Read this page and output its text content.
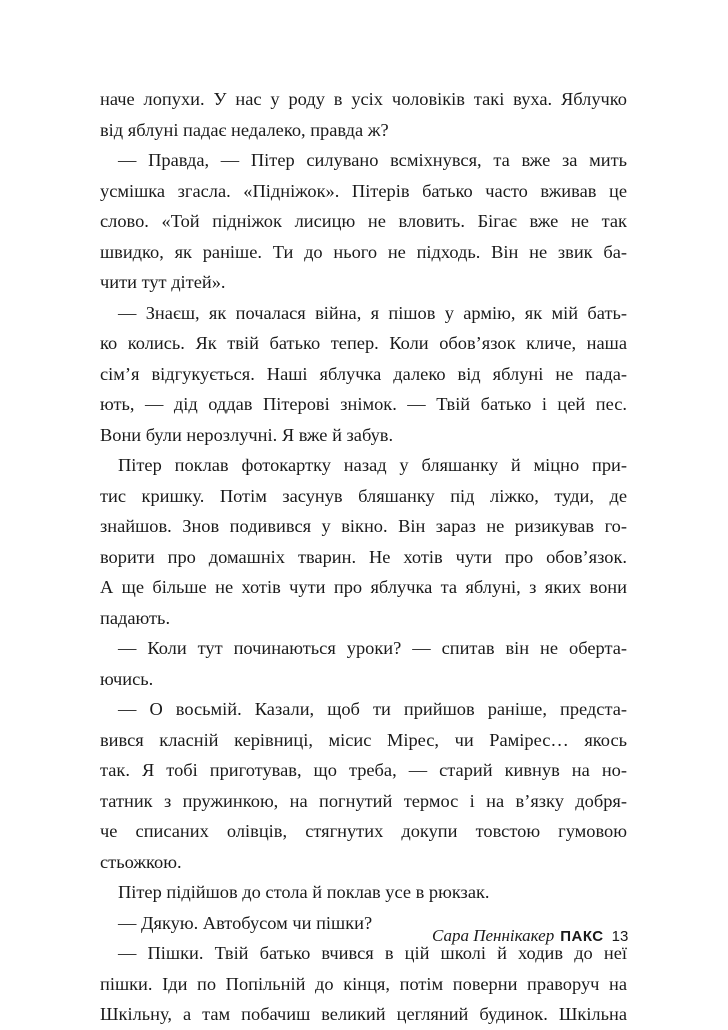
наче лопухи. У нас у роду в усіх чоловіків такі вуха. Яблучко
від яблуні падає недалеко, правда ж?
— Правда, — Пітер силувано всміхнувся, та вже за мить
усмішка згасла. «Підніжок». Пітерів батько часто вживав це
слово. «Той підніжок лисицю не вловить. Бігає вже не так
швидко, як раніше. Ти до нього не підходь. Він не звик ба-
чити тут дітей».
— Знаєш, як почалася війна, я пішов у армію, як мій бать-
ко колись. Як твій батько тепер. Коли обов’язок кличе, наша
сім’я відгукується. Наші яблучка далеко від яблуні не пада-
ють, — дід оддав Пітерові знімок. — Твій батько і цей пес.
Вони були нерозлучні. Я вже й забув.
Пітер поклав фотокартку назад у бляшанку й міцно при-
тис кришку. Потім засунув бляшанку під ліжко, туди, де
знайшов. Знов подивився у вікно. Він зараз не ризикував го-
ворити про домашніх тварин. Не хотів чути про обов’язок.
А ще більше не хотів чути про яблучка та яблуні, з яких вони
падають.
— Коли тут починаються уроки? — спитав він не оберта-
ючись.
— О восьмій. Казали, щоб ти прийшов раніше, предста-
вився класній керівниці, місис Мірес, чи Рамірес… якось
так. Я тобі приготував, що треба, — старий кивнув на но-
татник з пружинкою, на погнутий термос і на в’язку добря-
че списаних олівців, стягнутих докупи товстою гумовою
стьожкою.
Пітер підійшов до стола й поклав усе в рюкзак.
— Дякую. Автобусом чи пішки?
— Пішки. Твій батько вчився в цій школі й ходив до неї
пішки. Іди по Попільній до кінця, потім поверни праворуч на
Шкільну, а там побачиш великий цегляний будинок. Шкільна
Сара Пеннікакер ПАКС 13
